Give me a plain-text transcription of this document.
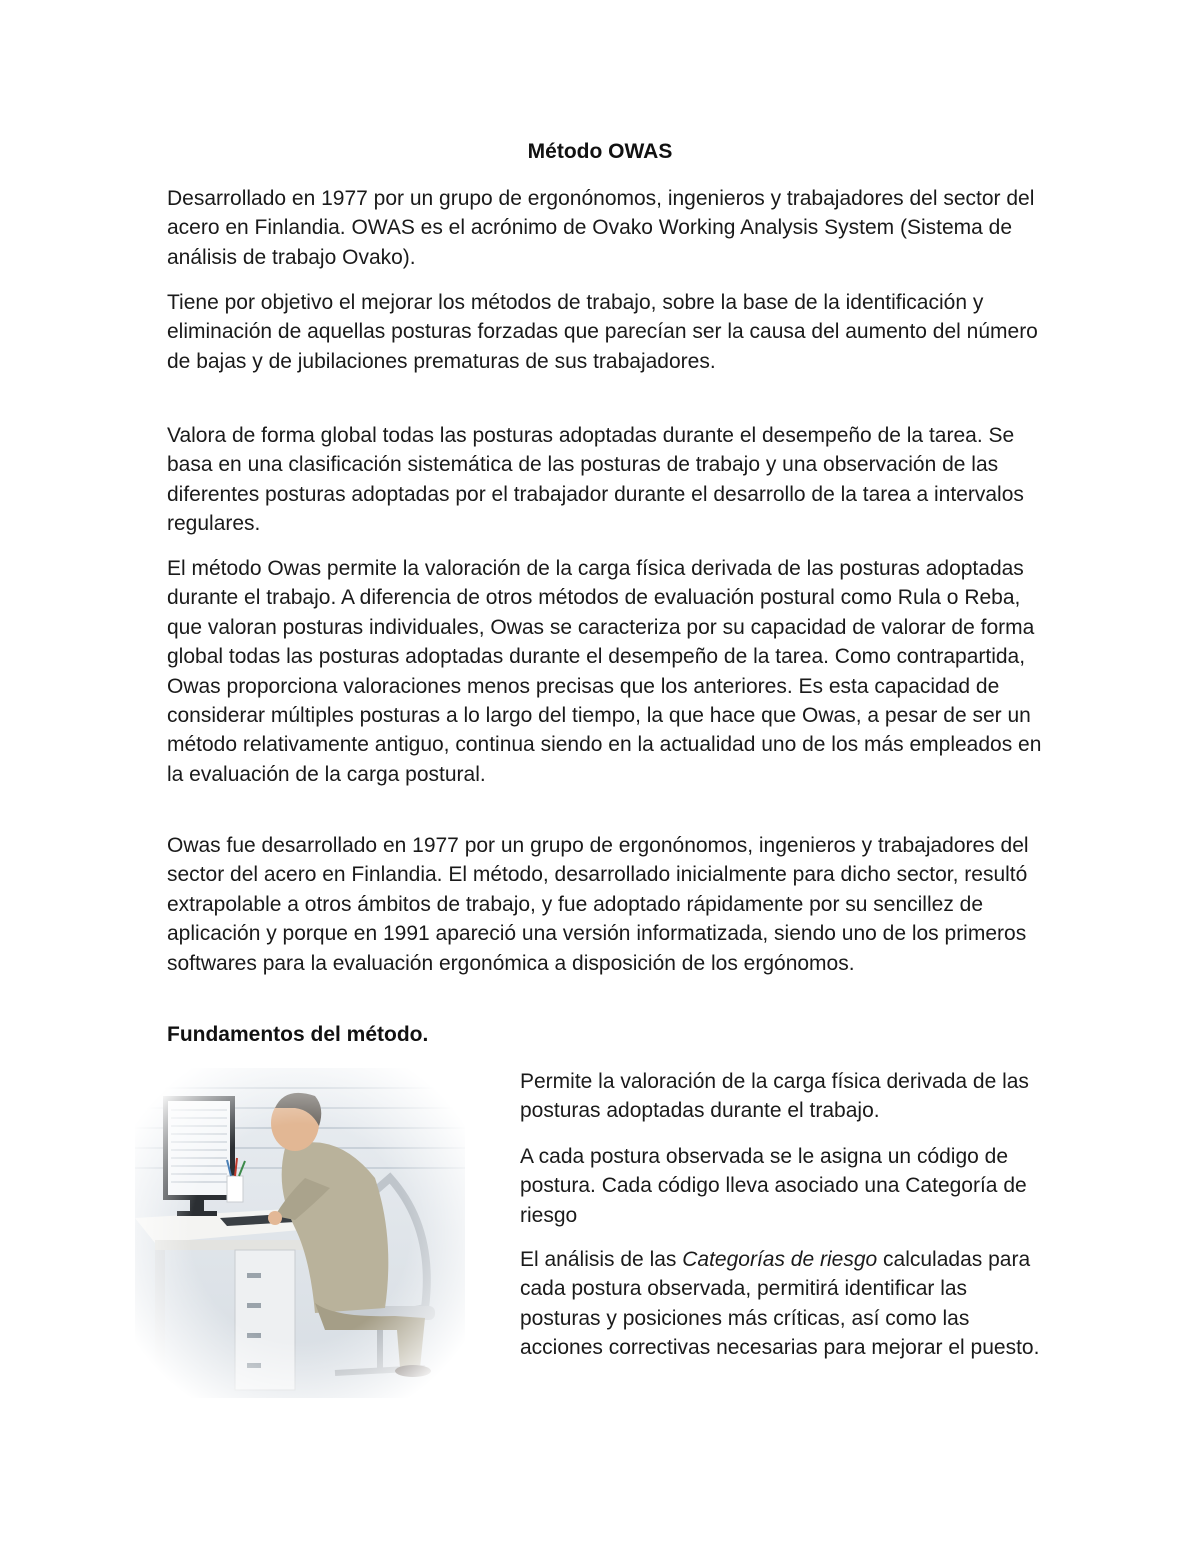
Método OWAS

Desarrollado en 1977 por un grupo de ergonónomos, ingenieros y trabajadores del sector del acero en Finlandia. OWAS es el acrónimo de Ovako Working Analysis System (Sistema de análisis de trabajo Ovako).

Tiene por objetivo el mejorar los métodos de trabajo, sobre la base de la identificación y eliminación de aquellas posturas forzadas que parecían ser la causa del aumento del número de bajas y de jubilaciones prematuras de sus trabajadores.

Valora de forma global todas las posturas adoptadas durante el desempeño de la tarea. Se basa en una clasificación sistemática de las posturas de trabajo y una observación de las diferentes posturas adoptadas por el trabajador durante el desarrollo de la tarea a intervalos regulares.

El método Owas permite la valoración de la carga física derivada de las posturas adoptadas durante el trabajo. A diferencia de otros métodos de evaluación postural como Rula o Reba, que valoran posturas individuales, Owas se caracteriza por su capacidad de valorar de forma global todas las posturas adoptadas durante el desempeño de la tarea. Como contrapartida, Owas proporciona valoraciones menos precisas que los anteriores. Es esta capacidad de considerar múltiples posturas a lo largo del tiempo, la que hace que Owas, a pesar de ser un método relativamente antiguo, continua siendo en la actualidad uno de los más empleados en la evaluación de la carga postural.

Owas fue desarrollado en 1977 por un grupo de ergonónomos, ingenieros y trabajadores del sector del acero en Finlandia. El método, desarrollado inicialmente para dicho sector, resultó extrapolable a otros ámbitos de trabajo, y fue adoptado rápidamente por su sencillez de aplicación y porque en 1991 apareció una versión informatizada, siendo uno de los primeros softwares para la evaluación ergonómica a disposición de los ergónomos.

Fundamentos del método.

Permite la valoración de la carga física derivada de las posturas adoptadas durante el trabajo.

A cada postura observada se le asigna un código de postura. Cada código lleva asociado una Categoría de riesgo

El análisis de las Categorías de riesgo calculadas para cada postura observada, permitirá identificar las posturas y posiciones más críticas, así como las acciones correctivas necesarias para mejorar el puesto.
